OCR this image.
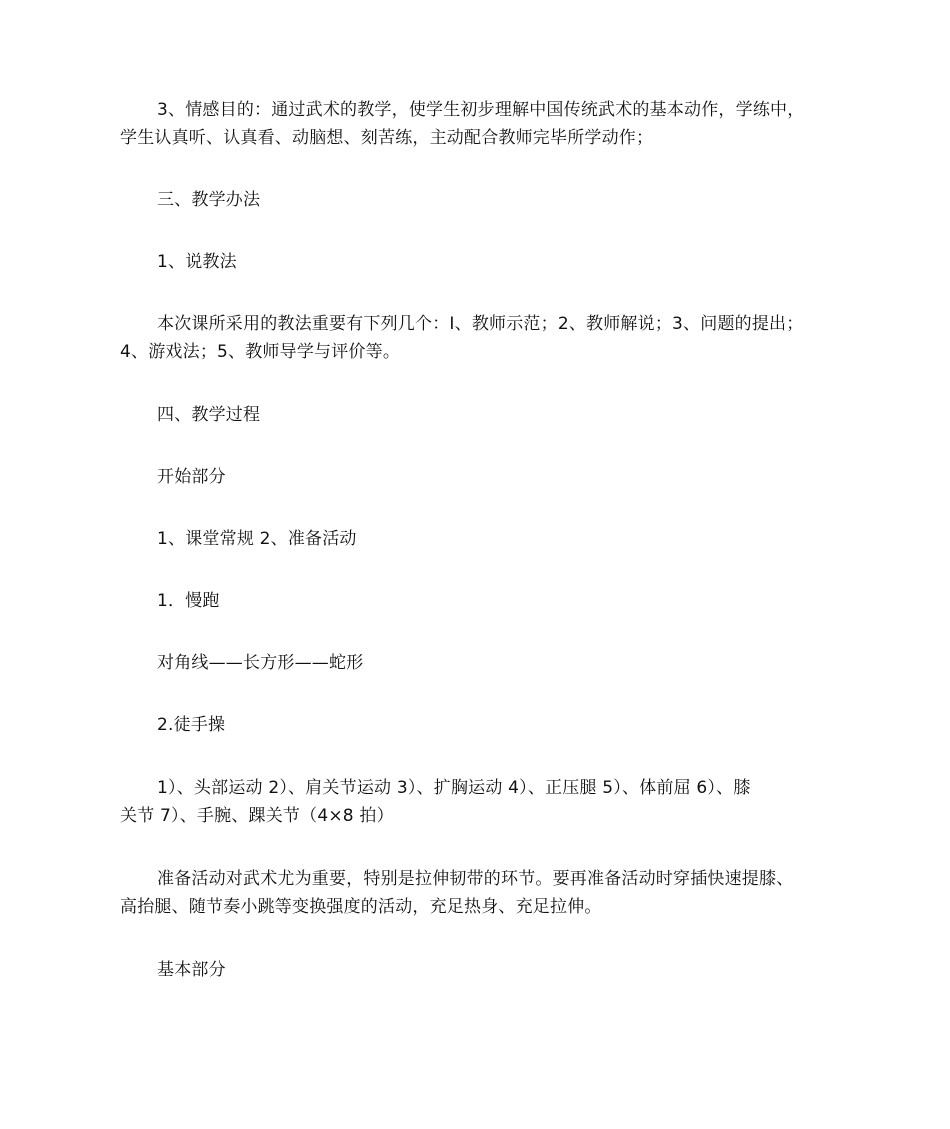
3、情感目的：通过武术的教学，使学生初步理解中国传统武术的基本动作，学练中，
学生认真听、认真看、动脑想、刻苦练，主动配合教师完毕所学动作；

三、教学办法

1、说教法

本次课所采用的教法重要有下列几个：Ⅰ、教师示范；2、教师解说；3、问题的提出；
4、游戏法；5、教师导学与评价等。

四、教学过程

开始部分

1、课堂常规 2、准备活动

1．慢跑

对角线——长方形——蛇形

2.徒手操

1）、头部运动 2）、肩关节运动 3）、扩胸运动 4）、正压腿 5）、体前屈 6）、膝
关节 7）、手腕、踝关节（4×8 拍）

准备活动对武术尤为重要，特别是拉伸韧带的环节。要再准备活动时穿插快速提膝、
高抬腿、随节奏小跳等变换强度的活动，充足热身、充足拉伸。

基本部分
